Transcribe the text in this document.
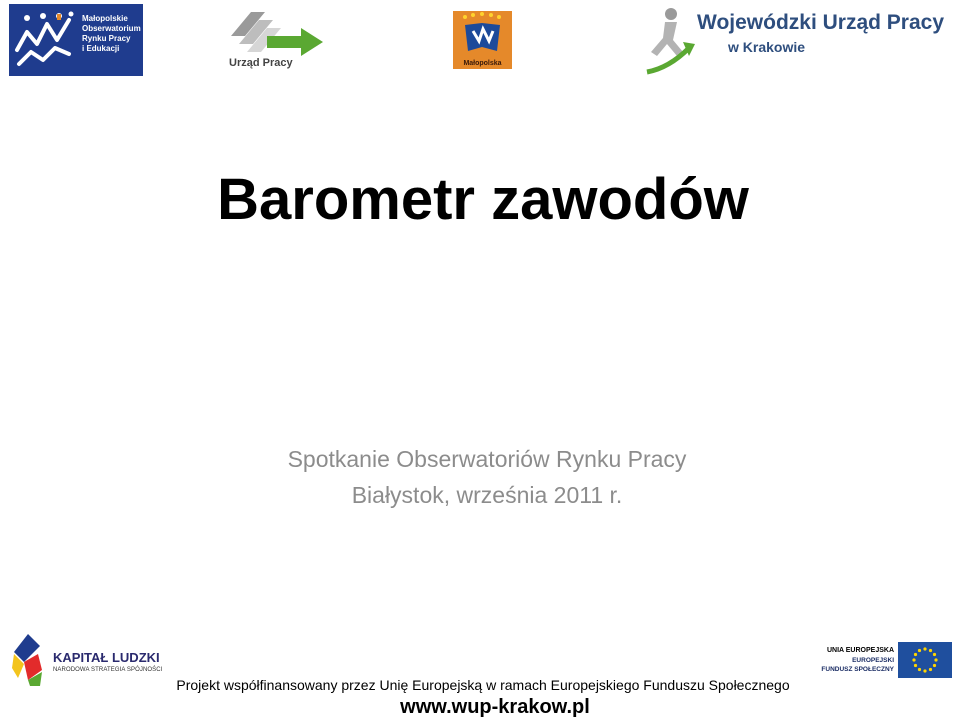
Małopolskie
Obserwatorium
Rynku Pracy
i Edukacji
Urząd Pracy	Małopolska
Wojewódzki Urząd Pracy
w Krakowie
Barometr zawodów
Spotkanie Obserwatoriów Rynku Pracy
Białystok, września 2011 r.
KAPITAŁ LUDZKI
NARODOWA STRATEGIA SPÓJNOŚCI
UNIA EUROPEJSKA
EUROPEJSKI
FUNDUSZ SPOŁECZNY
Projekt współfinansowany przez Unię Europejską w ramach Europejskiego Funduszu Społecznego
www.wup-krakow.pl
